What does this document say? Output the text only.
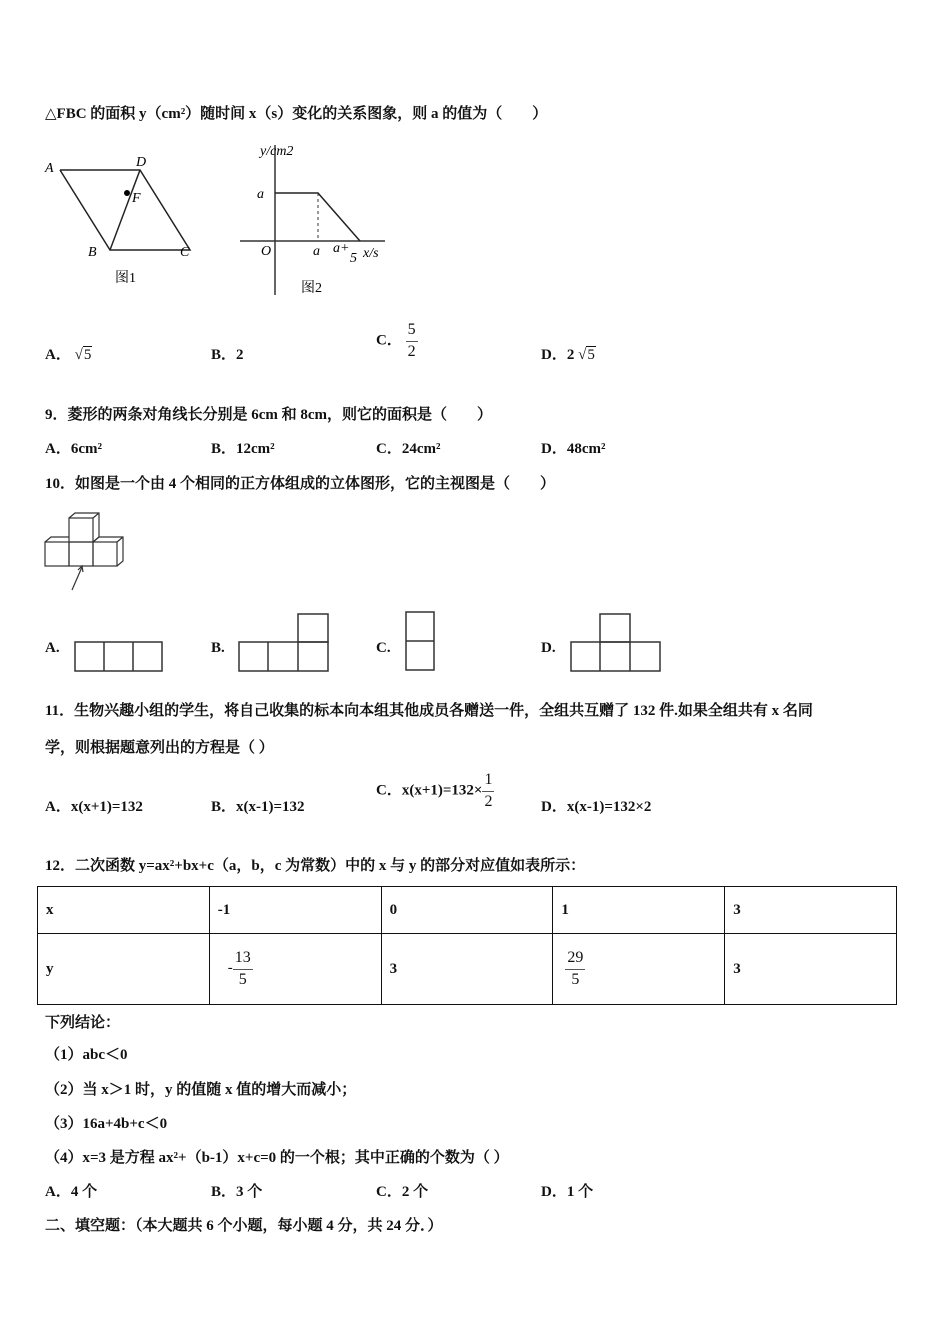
△FBC 的面积 y（cm²）随时间 x（s）变化的关系图象，则 a 的值为（　　）
A	D
F
B	C
图1
y/cm2
a
O	a a+
5 x/s
图2
A． √5	B．2
C． $\frac{5}{2}$	D．2 √5
9．菱形的两条对角线长分别是 6cm 和 8cm，则它的面积是（　　）
A．6cm²	B．12cm²	C．24cm²	D．48cm²
10．如图是一个由 4 个相同的正方体组成的立体图形，它的主视图是（　　）
A.	B.	C.	D.
11．生物兴趣小组的学生，将自己收集的标本向本组其他成员各赠送一件，全组共互赠了 132 件.如果全组共有 x 名同
学，则根据题意列出的方程是（ ）
A．x(x+1)=132	B．x(x-1)=132
C．$x(x+1)=132\times \frac{1}{2}$	D．x(x-1)=132×2
12．二次函数 y=ax²+bx+c（a，b，c 为常数）中的 x 与 y 的部分对应值如表所示：
x	-1	0	1	3
y	- $\frac{13}{5}$	3	$\frac{29}{5}$	3
下列结论：
（1）abc＜0
（2）当 x＞1 时，y 的值随 x 值的增大而减小；
（3）16a+4b+c＜0
（4）x=3 是方程 ax²+（b-1）x+c=0 的一个根；其中正确的个数为（ ）
A．4 个	B．3 个	C．2 个	D．1 个
二、填空题：（本大题共 6 个小题，每小题 4 分，共 24 分．）
